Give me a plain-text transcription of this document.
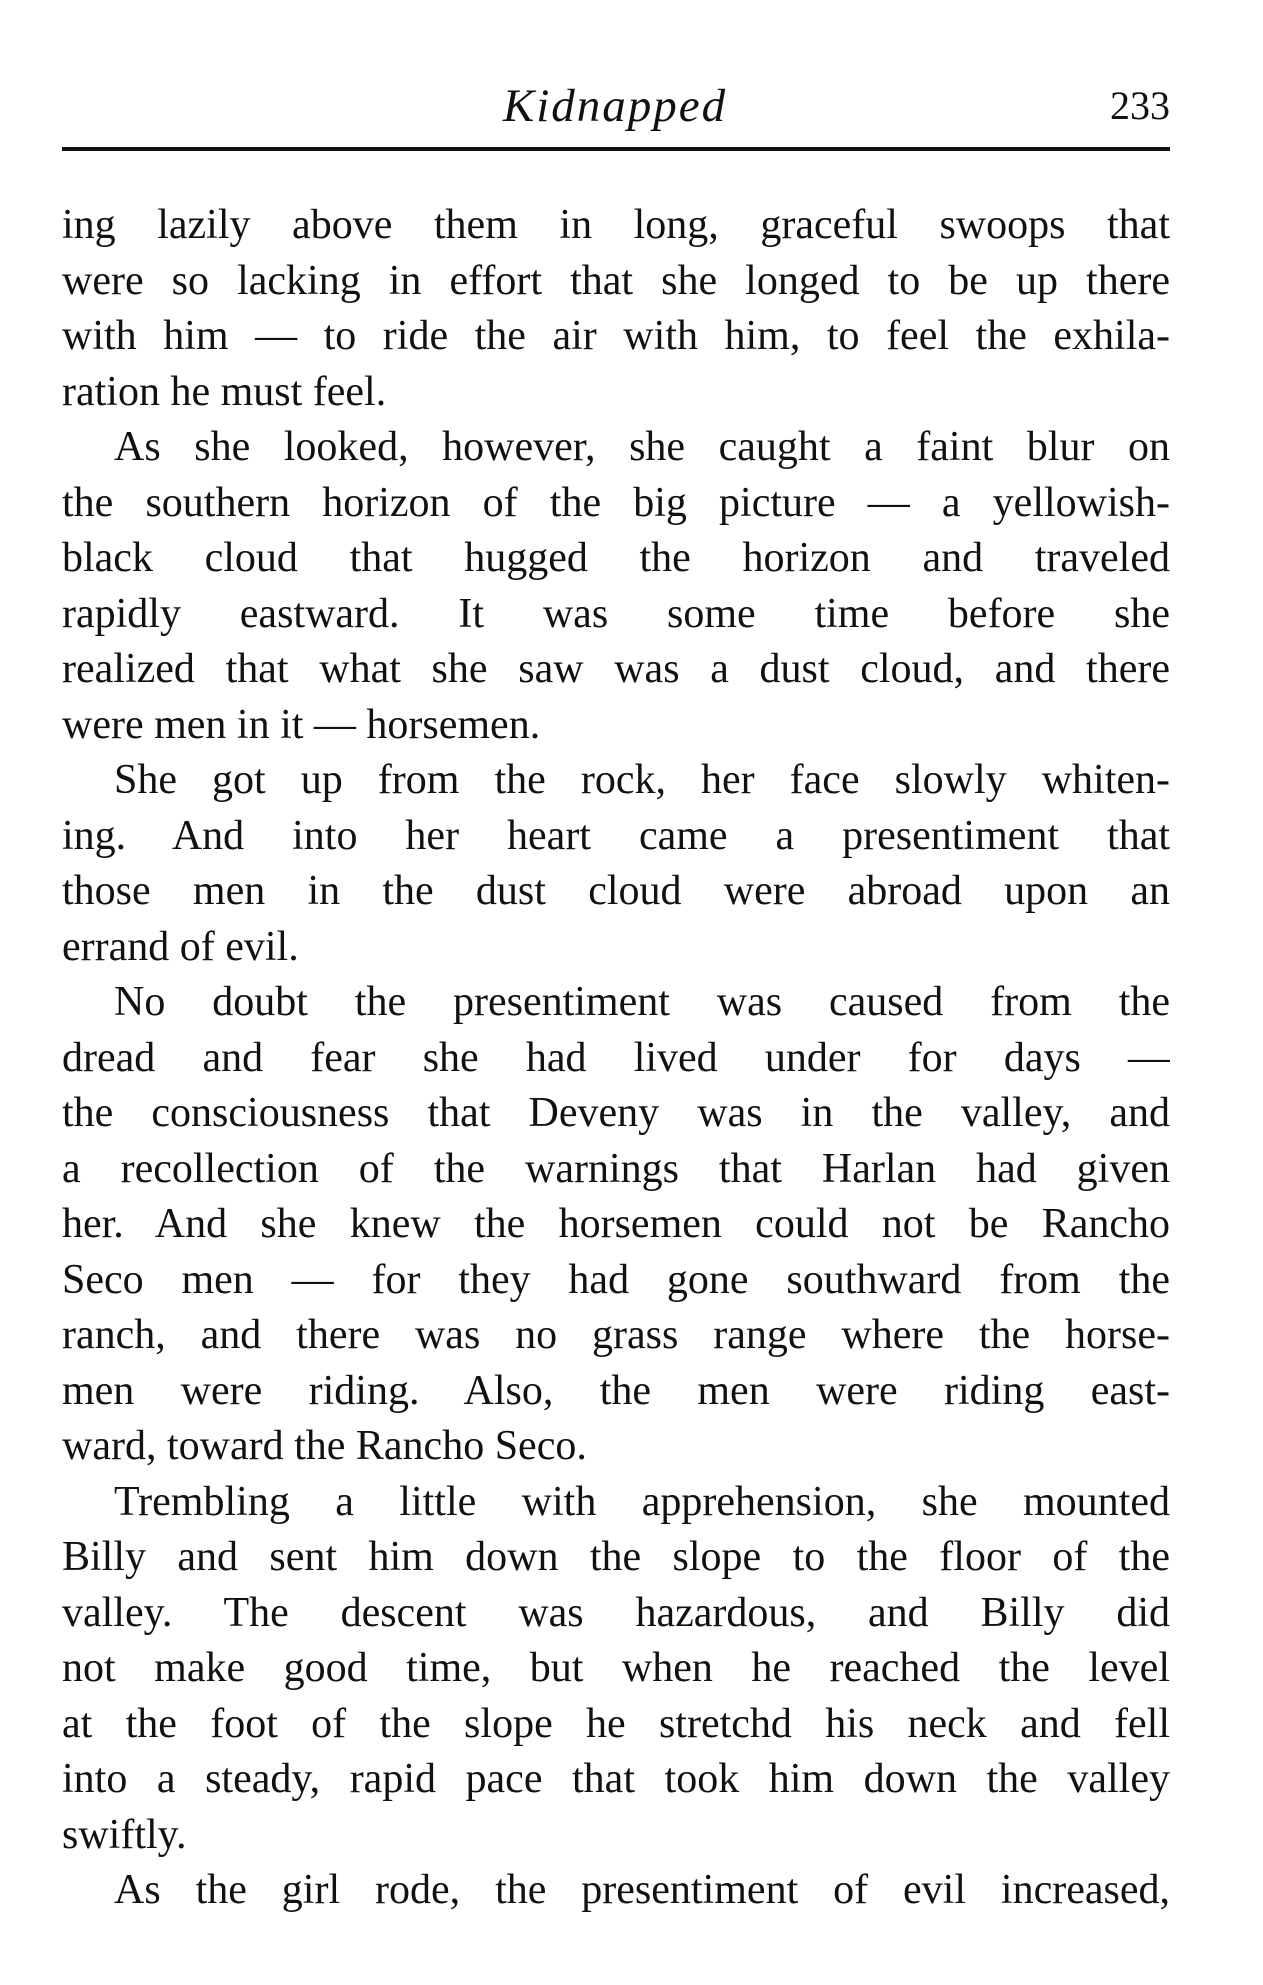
Kidnapped	233
ing lazily above them in long, graceful swoops that
were so lacking in effort that she longed to be up there
with him — to ride the air with him, to feel the exhila-
ration he must feel.
As she looked, however, she caught a faint blur on
the southern horizon of the big picture — a yellowish-
black cloud that hugged the horizon and traveled
rapidly eastward. It was some time before she
realized that what she saw was a dust cloud, and there
were men in it — horsemen.
She got up from the rock, her face slowly whiten-
ing. And into her heart came a presentiment that
those men in the dust cloud were abroad upon an
errand of evil.
No doubt the presentiment was caused from the
dread and fear she had lived under for days —
the consciousness that Deveny was in the valley, and
a recollection of the warnings that Harlan had given
her. And she knew the horsemen could not be Rancho
Seco men — for they had gone southward from the
ranch, and there was no grass range where the horse-
men were riding. Also, the men were riding east-
ward, toward the Rancho Seco.
Trembling a little with apprehension, she mounted
Billy and sent him down the slope to the floor of the
valley. The descent was hazardous, and Billy did
not make good time, but when he reached the level
at the foot of the slope he stretchd his neck and fell
into a steady, rapid pace that took him down the valley
swiftly.
As the girl rode, the presentiment of evil increased,
